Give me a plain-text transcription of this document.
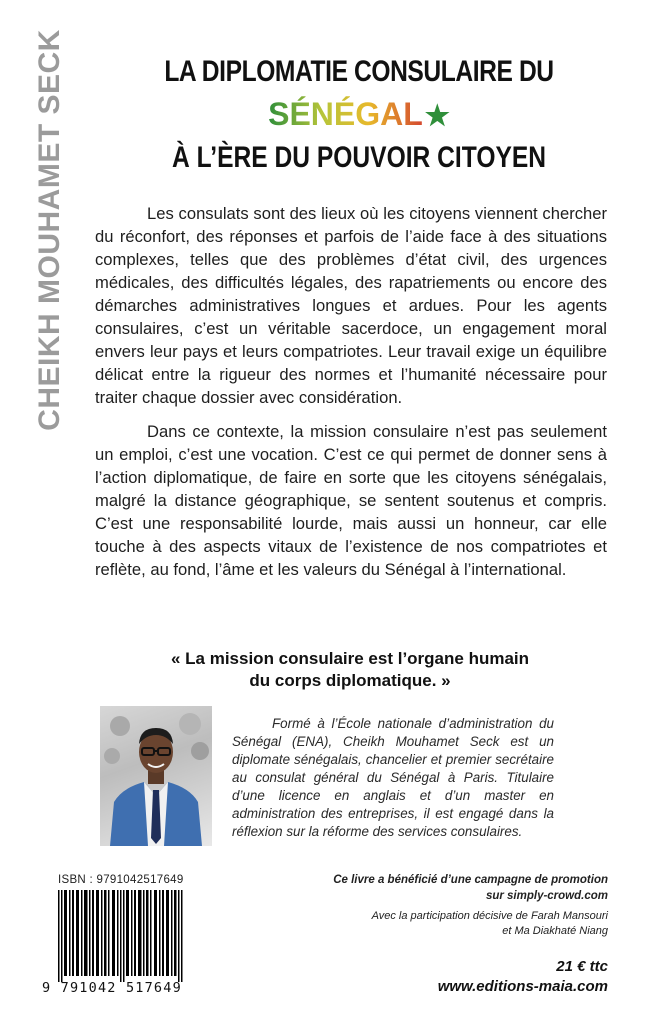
CHEIKH MOUHAMET SECK	LA DIPLOMATIE CONSULAIRE DU
SÉNÉGAL★
À L’ÈRE DU POUVOIR CITOYEN

Les consulats sont des lieux où les citoyens viennent chercher du réconfort, des réponses et parfois de l’aide face à des situations complexes, telles que des problèmes d’état civil, des urgences médicales, des difficultés légales, des rapatriements ou encore des démarches administratives longues et ardues. Pour les agents consulaires, c’est un véritable sacerdoce, un engagement moral envers leur pays et leurs compatriotes. Leur travail exige un équilibre délicat entre la rigueur des normes et l’humanité nécessaire pour traiter chaque dossier avec considération.

Dans ce contexte, la mission consulaire n’est pas seulement un emploi, c’est une vocation. C’est ce qui permet de donner sens à l’action diplomatique, de faire en sorte que les citoyens sénégalais, malgré la distance géographique, se sentent soutenus et compris. C’est une responsabilité lourde, mais aussi un honneur, car elle touche à des aspects vitaux de l’existence de nos compatriotes et reflète, au fond, l’âme et les valeurs du Sénégal à l’international.

« La mission consulaire est l’organe humain
du corps diplomatique. »

Formé à l’École nationale d’administration du Sénégal (ENA), Cheikh Mouhamet Seck est un diplomate sénégalais, chancelier et premier secrétaire au consulat général du Sénégal à Paris. Titulaire d’une licence en anglais et d’un master en administration des entreprises, il est engagé dans la réflexion sur la réforme des services consulaires.

ISBN : 9791042517649
9 791042 517649
Ce livre a bénéficié d’une campagne de promotion
sur simply-crowd.com
Avec la participation décisive de Farah Mansouri
et Ma Diakhaté Niang
21 € ttc
www.editions-maia.com
